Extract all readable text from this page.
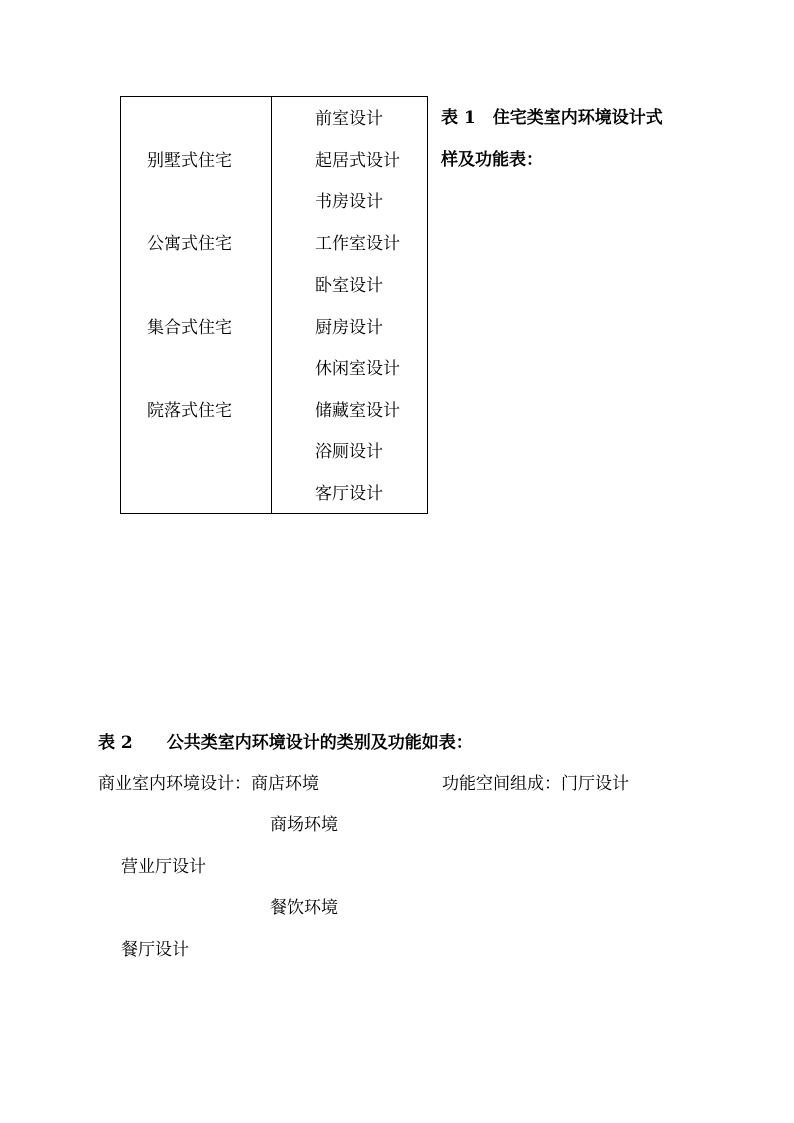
别墅式住宅
公寓式住宅
集合式住宅
院落式住宅
前室设计
起居式设计
书房设计
工作室设计
卧室设计
厨房设计
休闲室设计
储藏室设计
浴厕设计
客厅设计
表 1　住宅类室内环境设计式
样及功能表：
表 2　　公共类室内环境设计的类别及功能如表：
商业室内环境设计：商店环境	功能空间组成：门厅设计
商场环境
营业厅设计
餐饮环境
餐厅设计
